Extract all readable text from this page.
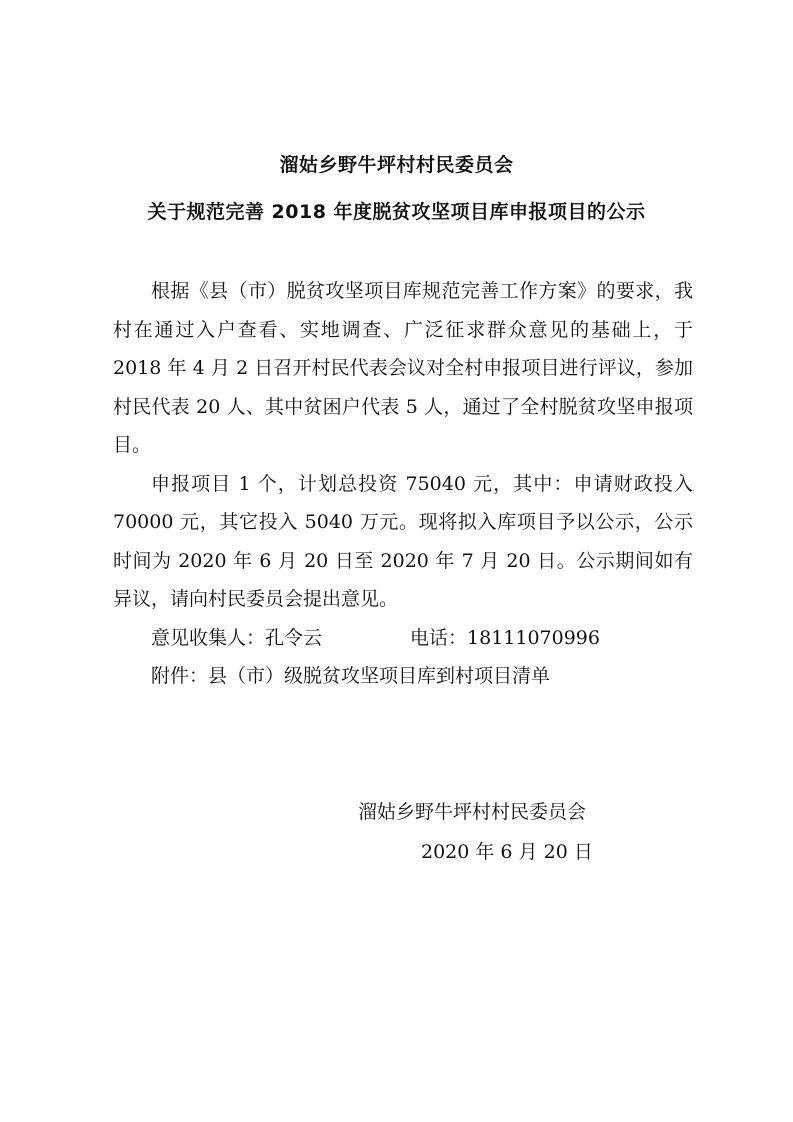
溜姑乡野牛坪村村民委员会
关于规范完善 2018 年度脱贫攻坚项目库申报项目的公示

根据《县（市）脱贫攻坚项目库规范完善工作方案》的要求，我村在通过入户查看、实地调查、广泛征求群众意见的基础上，于 2018 年 4 月 2 日召开村民代表会议对全村申报项目进行评议，参加村民代表 20 人、其中贫困户代表 5 人，通过了全村脱贫攻坚申报项目。

申报项目 1 个，计划总投资 75040 元，其中：申请财政投入 70000 元，其它投入 5040 万元。现将拟入库项目予以公示，公示时间为 2020 年 6 月 20 日至 2020 年 7 月 20 日。公示期间如有异议，请向村民委员会提出意见。

意见收集人：孔令云	电话：18111070996

附件：县（市）级脱贫攻坚项目库到村项目清单

溜姑乡野牛坪村村民委员会
2020 年 6 月 20 日
